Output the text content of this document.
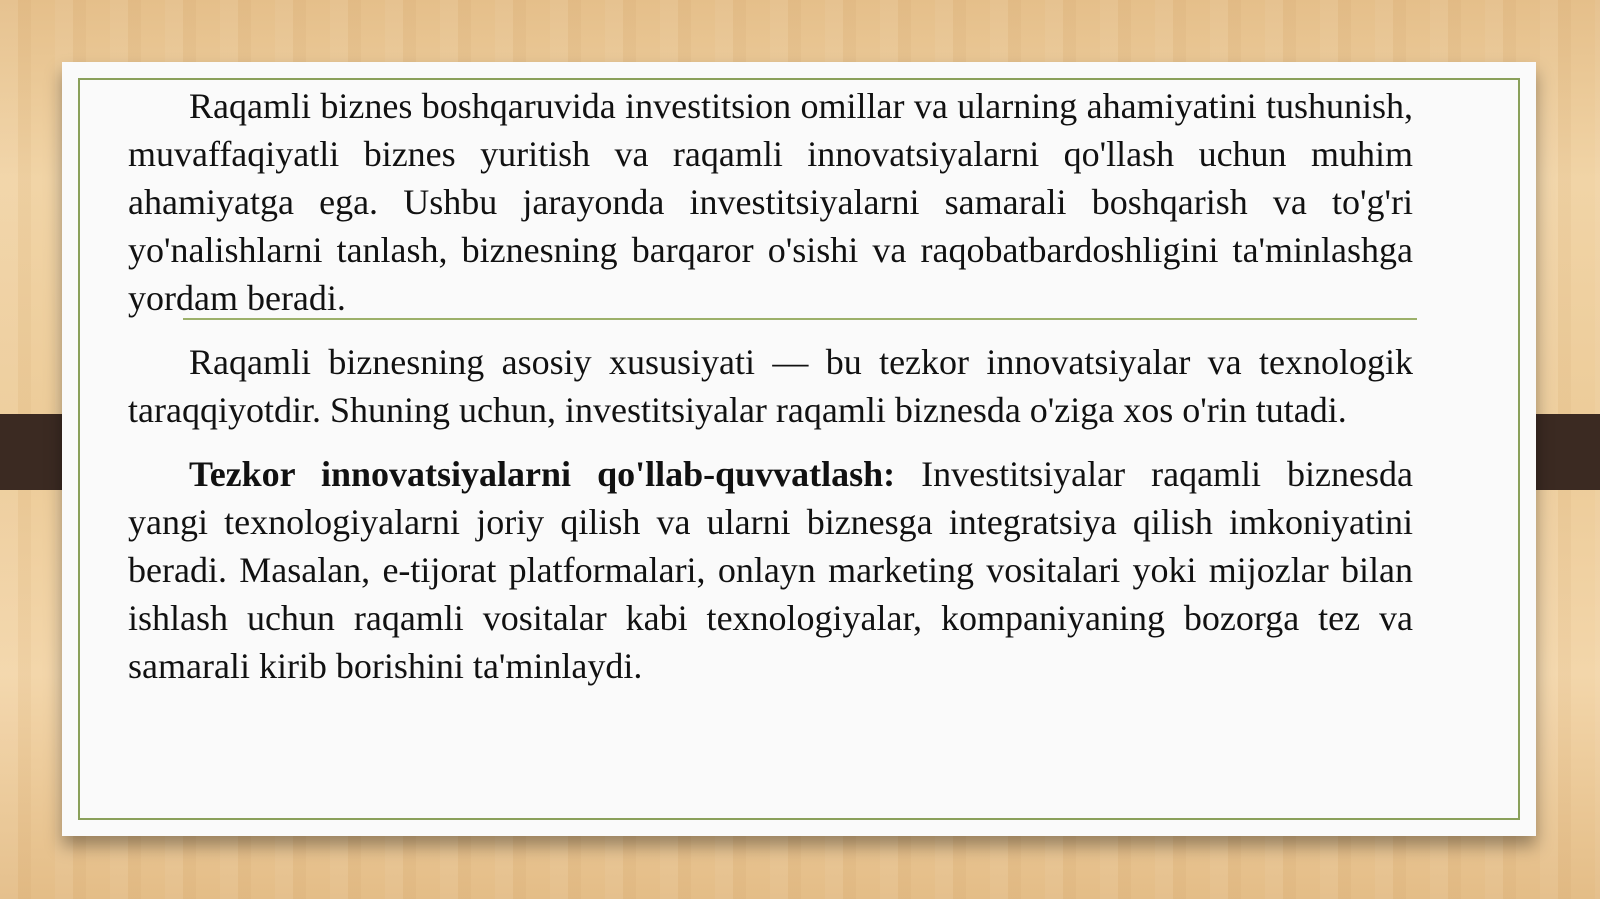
Raqamli biznes boshqaruvida investitsion omillar va ularning ahamiyatini tushunish, muvaffaqiyatli biznes yuritish va raqamli innovatsiyalarni qo'llash uchun muhim ahamiyatga ega. Ushbu jarayonda investitsiyalarni samarali boshqarish va to'g'ri yo'nalishlarni tanlash, biznesning barqaror o'sishi va raqobatbardoshligini ta'minlashga yordam beradi.

Raqamli biznesning asosiy xususiyati — bu tezkor innovatsiyalar va texnologik taraqqiyotdir. Shuning uchun, investitsiyalar raqamli biznesda o'ziga xos o'rin tutadi.

Tezkor innovatsiyalarni qo'llab-quvvatlash: Investitsiyalar raqamli biznesda yangi texnologiyalarni joriy qilish va ularni biznesga integratsiya qilish imkoniyatini beradi. Masalan, e-tijorat platformalari, onlayn marketing vositalari yoki mijozlar bilan ishlash uchun raqamli vositalar kabi texnologiyalar, kompaniyaning bozorga tez va samarali kirib borishini ta'minlaydi.
